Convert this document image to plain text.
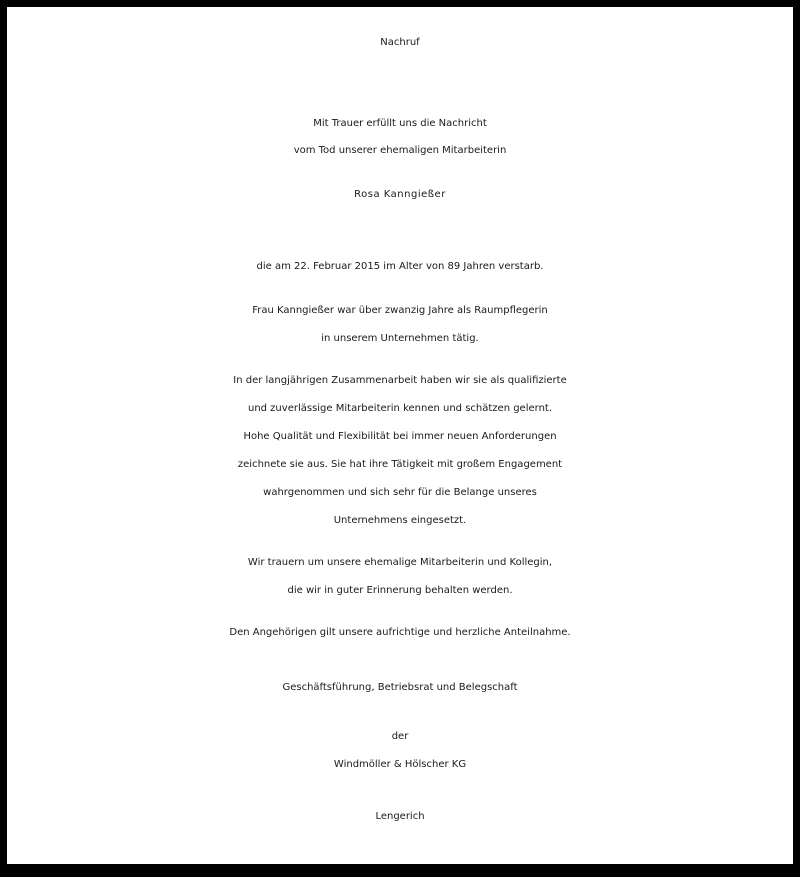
Nachruf
Mit Trauer erfüllt uns die Nachricht
vom Tod unserer ehemaligen Mitarbeiterin
Rosa Kanngießer
die am 22. Februar 2015 im Alter von 89 Jahren verstarb.
Frau Kanngießer war über zwanzig Jahre als Raumpflegerin
in unserem Unternehmen tätig.
In der langjährigen Zusammenarbeit haben wir sie als qualifizierte
und zuverlässige Mitarbeiterin kennen und schätzen gelernt.
Hohe Qualität und Flexibilität bei immer neuen Anforderungen
zeichnete sie aus. Sie hat ihre Tätigkeit mit großem Engagement
wahrgenommen und sich sehr für die Belange unseres
Unternehmens eingesetzt.
Wir trauern um unsere ehemalige Mitarbeiterin und Kollegin,
die wir in guter Erinnerung behalten werden.
Den Angehörigen gilt unsere aufrichtige und herzliche Anteilnahme.
Geschäftsführung, Betriebsrat und Belegschaft
der
Windmöller & Hölscher KG
Lengerich
